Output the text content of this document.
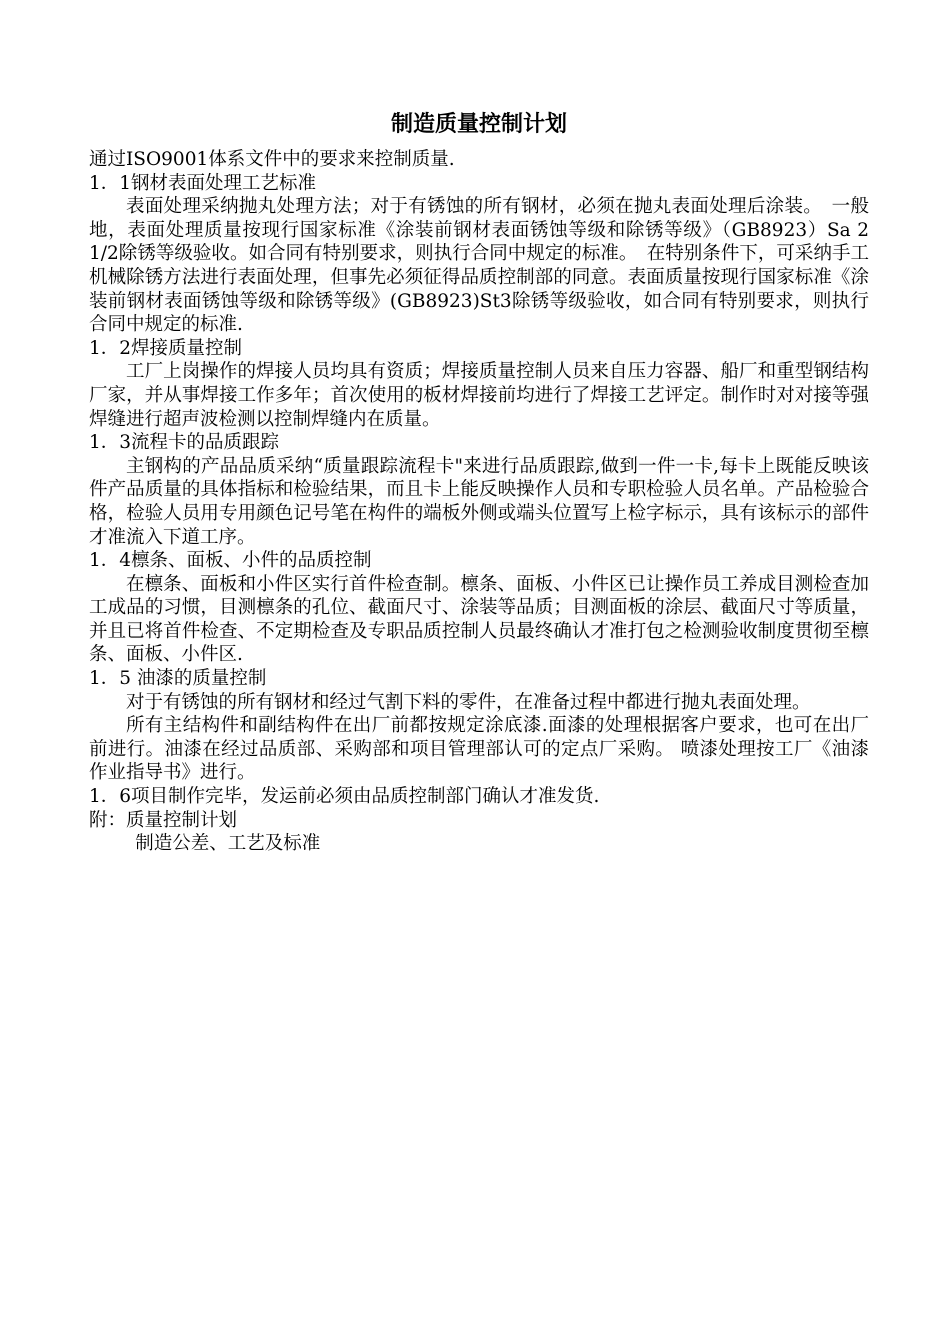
制造质量控制计划

通过ISO9001体系文件中的要求来控制质量.

1．1钢材表面处理工艺标准

表面处理采纳抛丸处理方法；对于有锈蚀的所有钢材，必须在抛丸表面处理后涂装。　一般地，表面处理质量按现行国家标准《涂装前钢材表面锈蚀等级和除锈等级》（GB8923）Sa 2 1/2除锈等级验收。如合同有特别要求，则执行合同中规定的标准。　在特别条件下，可采纳手工机械除锈方法进行表面处理，但事先必须征得品质控制部的同意。表面质量按现行国家标准《涂装前钢材表面锈蚀等级和除锈等级》(GB8923)St3除锈等级验收，如合同有特别要求，则执行合同中规定的标准.

1．2焊接质量控制

工厂上岗操作的焊接人员均具有资质；焊接质量控制人员来自压力容器、船厂和重型钢结构厂家，并从事焊接工作多年；首次使用的板材焊接前均进行了焊接工艺评定。制作时对对接等强焊缝进行超声波检测以控制焊缝内在质量。

1．3流程卡的品质跟踪

主钢构的产品品质采纳“质量跟踪流程卡"来进行品质跟踪,做到一件一卡,每卡上既能反映该件产品质量的具体指标和检验结果，而且卡上能反映操作人员和专职检验人员名单。产品检验合格，检验人员用专用颜色记号笔在构件的端板外侧或端头位置写上检字标示，具有该标示的部件才准流入下道工序。

1．4檩条、面板、小件的品质控制

在檩条、面板和小件区实行首件检查制。檩条、面板、小件区已让操作员工养成目测检查加工成品的习惯，目测檩条的孔位、截面尺寸、涂装等品质；目测面板的涂层、截面尺寸等质量，并且已将首件检查、不定期检查及专职品质控制人员最终确认才准打包之检测验收制度贯彻至檩条、面板、小件区.

1．5 油漆的质量控制

对于有锈蚀的所有钢材和经过气割下料的零件，在准备过程中都进行抛丸表面处理。

所有主结构件和副结构件在出厂前都按规定涂底漆.面漆的处理根据客户要求，也可在出厂前进行。油漆在经过品质部、采购部和项目管理部认可的定点厂采购。 喷漆处理按工厂《油漆作业指导书》进行。

1．6项目制作完毕，发运前必须由品质控制部门确认才准发货.

附：质量控制计划

制造公差、工艺及标准
